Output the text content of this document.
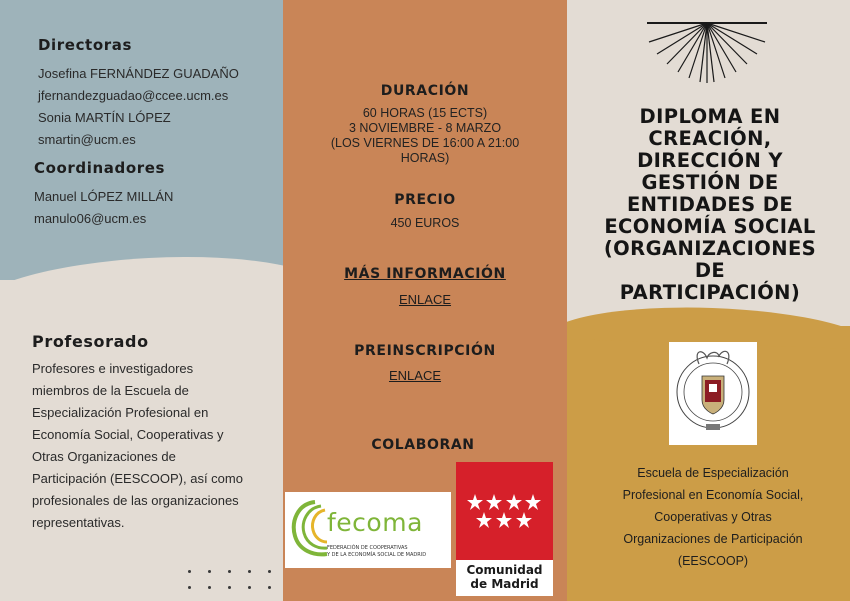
Directoras
Josefina FERNÁNDEZ GUADAÑO
jfernandezguadao@ccee.ucm.es
Sonia MARTÍN LÓPEZ
smartin@ucm.es
Coordinadores
Manuel LÓPEZ MILLÁN
manulo06@ucm.es
Profesorado
Profesores e investigadores
miembros de la Escuela de
Especialización Profesional en
Economía Social, Cooperativas y
Otras Organizaciones de
Participación (EESCOOP), así como
profesionales de las organizaciones
representativas.
DURACIÓN
60 HORAS (15 ECTS)
3 NOVIEMBRE - 8 MARZO
(LOS VIERNES DE 16:00 A 21:00
HORAS)
PRECIO
450 EUROS
MÁS INFORMACIÓN
ENLACE
PREINSCRIPCIÓN
ENLACE
COLABORAN
fecoma
FEDERACIÓN DE COOPERATIVAS
Y DE LA ECONOMÍA SOCIAL DE MADRID
Comunidad
de Madrid
DIPLOMA EN
CREACIÓN,
DIRECCIÓN Y
GESTIÓN DE
ENTIDADES DE
ECONOMÍA SOCIAL
(ORGANIZACIONES
DE
PARTICIPACIÓN)
Escuela de Especialización
Profesional en Economía Social,
Cooperativas y Otras
Organizaciones de Participación
(EESCOOP)
